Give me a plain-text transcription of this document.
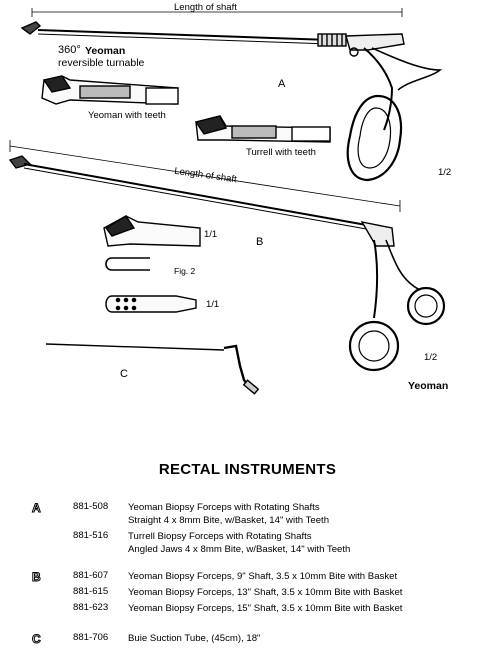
Length of shaft
360° Yeoman
reversible turnable
A
Yeoman with teeth
Turrell with teeth
1/2
Length of shaft
B
1/1
Fig. 2
1/1
1/2
C
Yeoman
RECTAL INSTRUMENTS
A	881-508 Yeoman Biopsy Forceps with Rotating Shafts
Straight 4 x 8mm Bite, w/Basket, 14" with Teeth
881-516 Turrell Biopsy Forceps with Rotating Shafts
Angled Jaws 4 x 8mm Bite, w/Basket, 14" with Teeth
B	881-607 Yeoman Biopsy Forceps, 9" Shaft, 3.5 x 10mm Bite with Basket
881-615 Yeoman Biopsy Forceps, 13" Shaft, 3.5 x 10mm Bite with Basket
881-623 Yeoman Biopsy Forceps, 15" Shaft, 3.5 x 10mm Bite with Basket
C	881-706 Buie Suction Tube, (45cm), 18"
